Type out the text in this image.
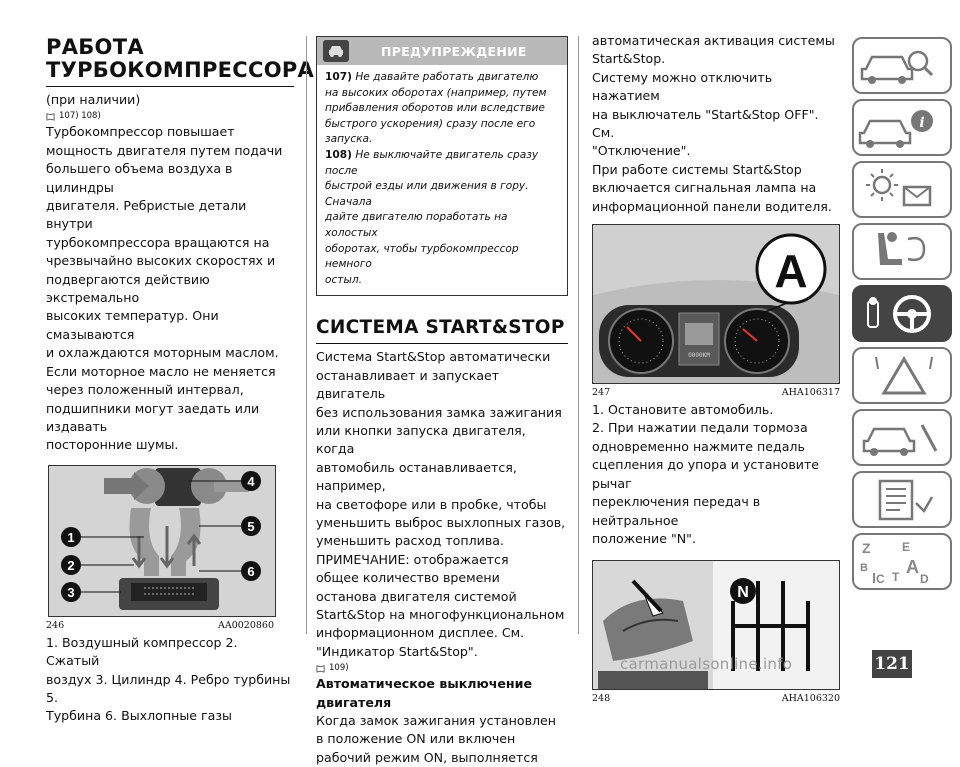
РАБОТА
ТУРБОКОМПРЕССОРА

(при наличии)

107) 108)

Турбокомпрессор повышает

мощность двигателя путем подачи

большего объема воздуха в цилиндры

двигателя. Ребристые детали внутри

турбокомпрессора вращаются на

чрезвычайно высоких скоростях и

подвергаются действию экстремально

высоких температур. Они смазываются

и охлаждаются моторным маслом.

Если моторное масло не меняется

через положенный интервал,

подшипники могут заедать или издавать

посторонние шумы.

1
2
3
4
5
6
246	AA0020860

1. Воздушный компрессор 2. Сжатый

воздух 3. Цилиндр 4. Ребро турбины 5.

Турбина 6. Выхлопные газы

ПРЕДУПРЕЖДЕНИЕ
107) Не давайте работать двигателю
на высоких оборотах (например, путем
прибавления оборотов или вследствие
быстрого ускорения) сразу после его запуска.
108) Не выключайте двигатель сразу после
быстрой езды или движения в гору. Сначала
дайте двигателю поработать на холостых
оборотах, чтобы турбокомпрессор немного
остыл.
СИСТЕМА START&STOP

Система Start&Stop автоматически

останавливает и запускает двигатель

без использования замка зажигания

или кнопки запуска двигателя, когда

автомобиль останавливается, например,

на светофоре или в пробке, чтобы

уменьшить выброс выхлопных газов,

уменьшить расход топлива.

ПРИМЕЧАНИЕ: отображается

общее количество времени

останова двигателя системой

Start&Stop на многофункциональном

информационном дисплее. См.

"Индикатор Start&Stop".

109)

Автоматическое выключение

двигателя

Когда замок зажигания установлен

в положение ON или включен

рабочий режим ON, выполняется

автоматическая активация системы

Start&Stop.

Систему можно отключить нажатием

на выключатель "Start&Stop OFF". См.

"Отключение".

При работе системы Start&Stop

включается сигнальная лампа на

информационной панели водителя.

0000KM
A
247	AHA106317

1. Остановите автомобиль.

2. При нажатии педали тормоза

одновременно нажмите педаль

сцепления до упора и установите рычаг

переключения передач в нейтральное

положение "N".

N
248	AHA106320
i
Z	E
B A
C T D
carmanualsonline.info	121
